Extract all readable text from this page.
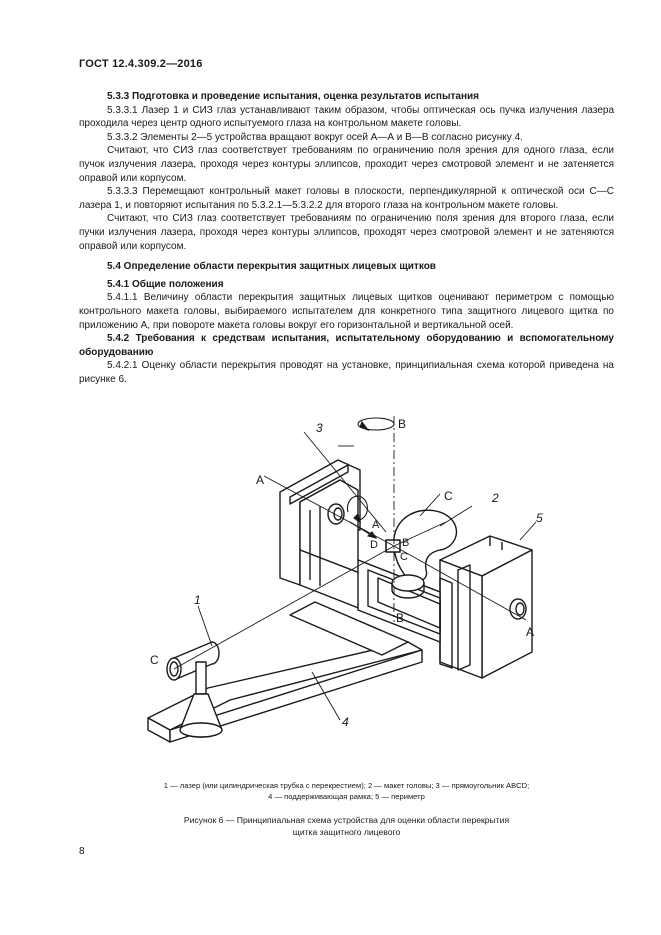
ГОСТ 12.4.309.2—2016

5.3.3 Подготовка и проведение испытания, оценка результатов испытания

5.3.3.1 Лазер 1 и СИЗ глаз устанавливают таким образом, чтобы оптическая ось пучка излучения лазера проходила через центр одного испытуемого глаза на контрольном макете головы.

5.3.3.2 Элементы 2—5 устройства вращают вокруг осей А—А и В—В согласно рисунку 4.

Считают, что СИЗ глаз соответствует требованиям по ограничению поля зрения для одного глаза, если пучок излучения лазера, проходя через контуры эллипсов, проходит через смотровой элемент и не затеняется оправой или корпусом.

5.3.3.3 Перемещают контрольный макет головы в плоскости, перпендикулярной к оптической оси С—С лазера 1, и повторяют испытания по 5.3.2.1—5.3.2.2 для второго глаза на контрольном макете головы.

Считают, что СИЗ глаз соответствует требованиям по ограничению поля зрения для второго глаза, если пучки излучения лазера, проходя через контуры эллипсов, проходят через смотровой элемент и не затеняются оправой или корпусом.

5.4 Определение области перекрытия защитных лицевых щитков

5.4.1 Общие положения

5.4.1.1 Величину области перекрытия защитных лицевых щитков оценивают периметром с помощью контрольного макета головы, выбираемого испытателем для конкретного типа защитного лицевого щитка по приложению А, при повороте макета головы вокруг его горизонтальной и вертикальной осей.

5.4.2 Требования к средствам испытания, испытательному оборудованию и вспомогательному оборудованию

5.4.2.1 Оценку области перекрытия проводят на установке, принципиальная схема которой приведена на рисунке 6.

1
2
3
4
5
A
A
A
B
B
B
C
C
C
D
1 — лазер (или цилиндрическая трубка с перекрестием); 2 — макет головы; 3 — прямоугольник ABCD;
4 — поддерживающая рамка; 5 — периметр
Рисунок 6 — Принципиальная схема устройства для оценки области перекрытия
щитка защитного лицевого
8
